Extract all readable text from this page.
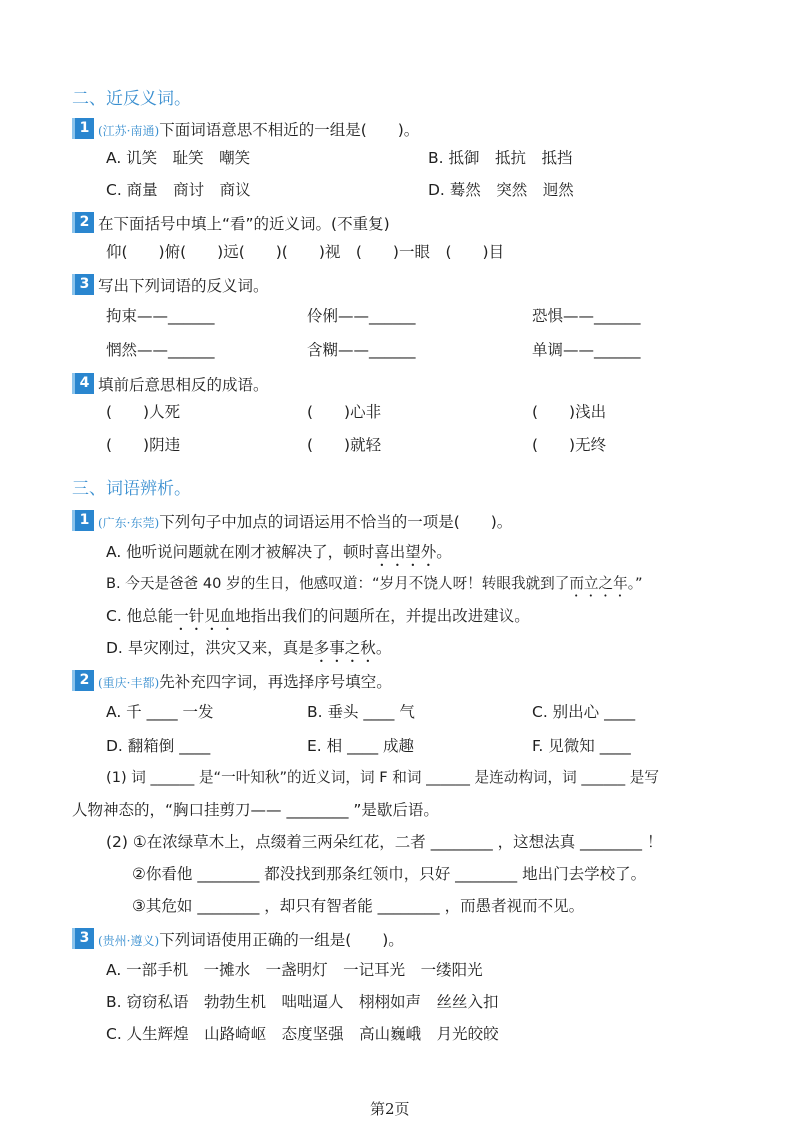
二、近反义词。
1 (江苏·南通)下面词语意思不相近的一组是(　　)。
A. 讥笑　耻笑　嘲笑	B. 抵御　抵抗　抵挡
C. 商量　商讨　商议	D. 蓦然　突然　迥然
2 在下面括号中填上“看”的近义词。(不重复)
仰(　　)俯(　　)远(　　)(　　)视　(　　)一眼　(　　)目
3 写出下列词语的反义词。
拘束——______	伶俐——______	恐惧——______
惘然——______	含糊——______	单调——______
4 填前后意思相反的成语。
(　　)人死	(　　)心非	(　　)浅出
(　　)阴违	(　　)就轻	(　　)无终
三、词语辨析。
1 (广东·东莞)下列句子中加点的词语运用不恰当的一项是(　　)。
A. 他听说问题就在刚才被解决了，顿时喜出望外。
B. 今天是爸爸 40 岁的生日，他感叹道：“岁月不饶人呀！转眼我就到了而立之年。”
C. 他总能一针见血地指出我们的问题所在，并提出改进建议。
D. 旱灾刚过，洪灾又来，真是多事之秋。
2 (重庆·丰都)先补充四字词，再选择序号填空。
A. 千 ____ 一发	B. 垂头 ____ 气	C. 别出心 ____
D. 翻箱倒 ____	E. 相 ____ 成趣	F. 见微知 ____
(1) 词 ______ 是“一叶知秋”的近义词，词 F 和词 ______ 是连动构词，词 ______ 是写
人物神态的，“胸口挂剪刀—— ________ ”是歇后语。
(2) ①在浓绿草木上，点缀着三两朵红花，二者 ________ ，这想法真 ________ ！
②你看他 ________ 都没找到那条红领巾，只好 ________ 地出门去学校了。
③其危如 ________ ，却只有智者能 ________ ，而愚者视而不见。
3 (贵州·遵义)下列词语使用正确的一组是(　　)。
A. 一部手机　一摊水　一盏明灯　一记耳光　一缕阳光
B. 窃窃私语　勃勃生机　咄咄逼人　栩栩如声　丝丝入扣
C. 人生辉煌　山路崎岖　态度坚强　高山巍峨　月光皎皎
第2页
